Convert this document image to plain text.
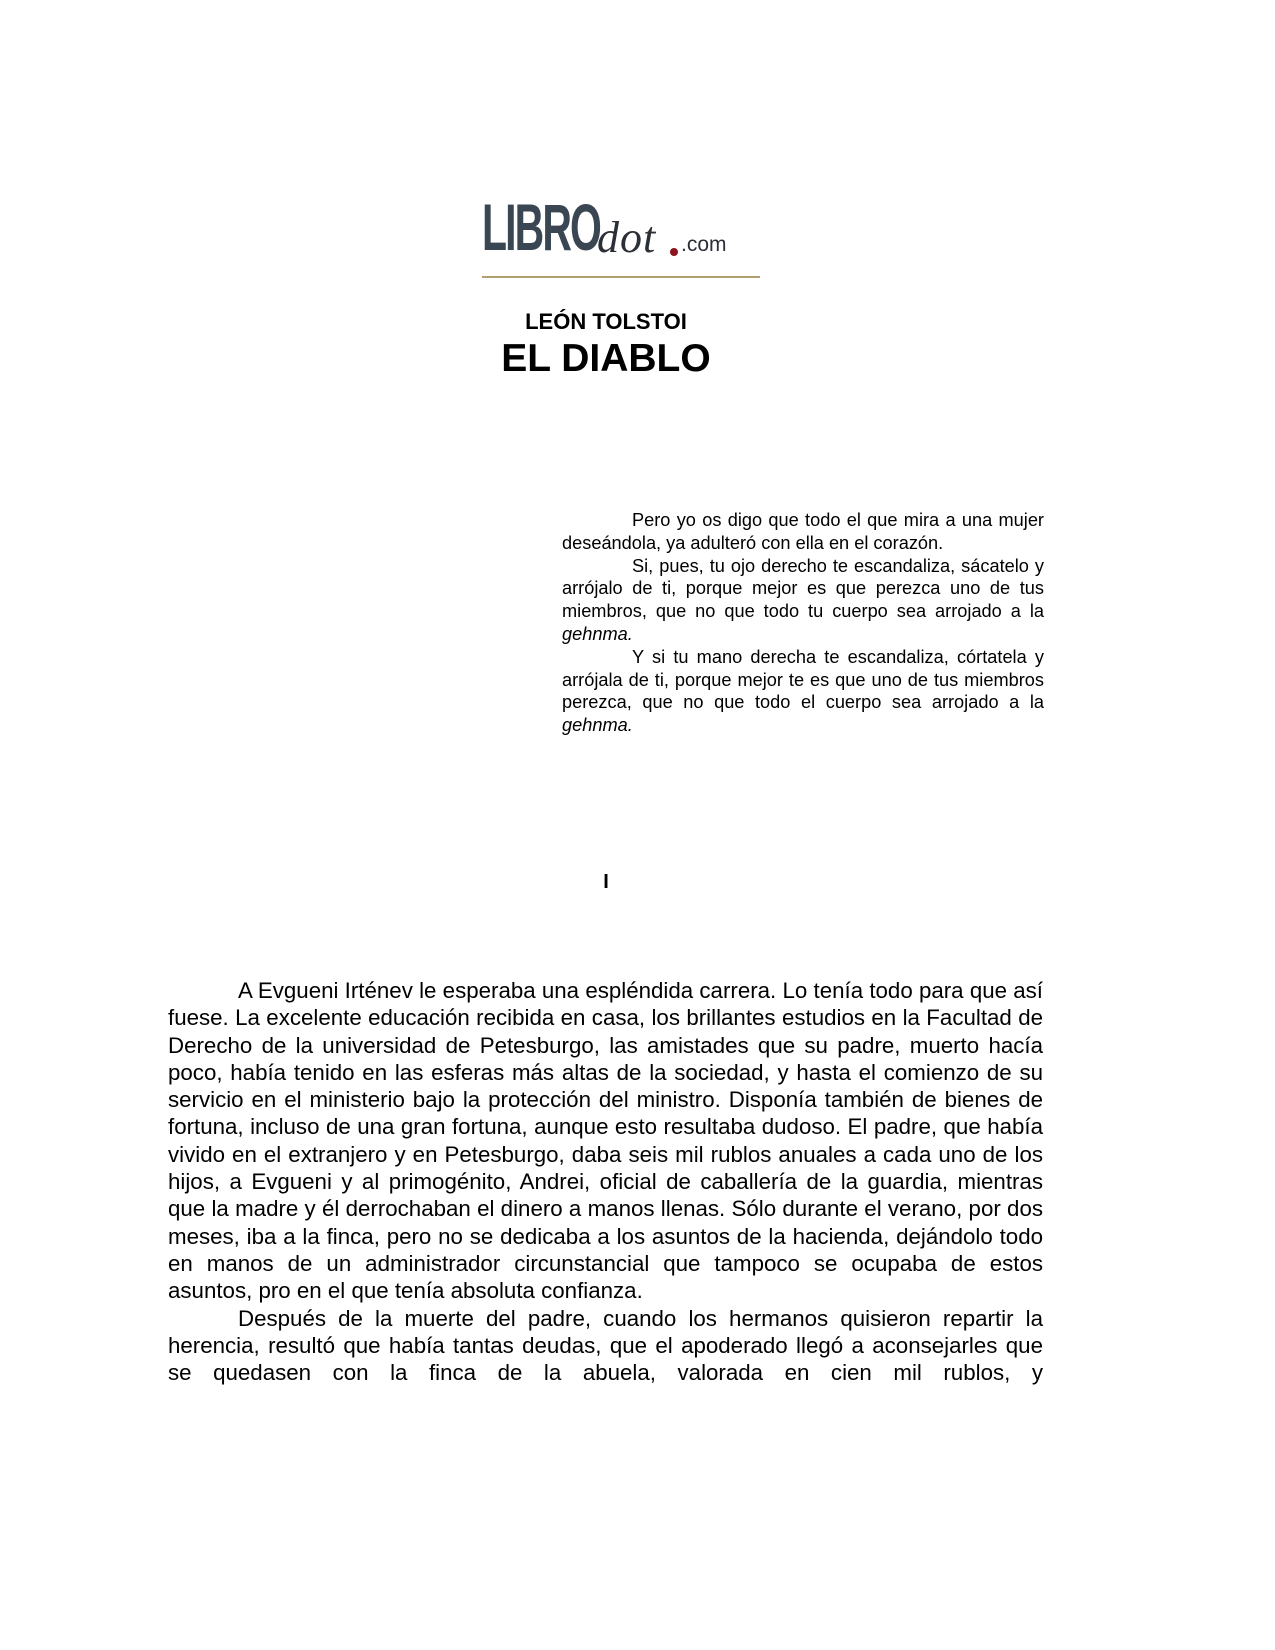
LIBRO
dot .com
LEÓN TOLSTOI
EL DIABLO

Pero yo os digo que todo el que mira a una mujer deseándola, ya adulteró con ella en el corazón.

Si, pues, tu ojo derecho te escandaliza, sácatelo y arrójalo de ti, porque mejor es que perezca uno de tus miembros, que no que todo tu cuerpo sea arrojado a la gehnma.

Y si tu mano derecha te escandaliza, córtatela y arrójala de ti, porque mejor te es que uno de tus miembros perezca, que no que todo el cuerpo sea arrojado a la gehnma.

I

A Evgueni Irténev le esperaba una espléndida carrera. Lo tenía todo para que así fuese. La excelente educación recibida en casa, los brillantes estudios en la Facultad de Derecho de la universidad de Petesburgo, las amistades que su padre, muerto hacía poco, había tenido en las esferas más altas de la sociedad, y hasta el comienzo de su servicio en el ministerio bajo la protección del ministro. Disponía también de bienes de fortuna, incluso de una gran fortuna, aunque esto resultaba dudoso. El padre, que había vivido en el extranjero y en Petesburgo, daba seis mil rublos anuales a cada uno de los hijos, a Evgueni y al primogénito, Andrei, oficial de caballería de la guardia, mientras que la madre y él derrochaban el dinero a manos llenas. Sólo durante el verano, por dos meses, iba a la finca, pero no se dedicaba a los asuntos de la hacienda, dejándolo todo en manos de un administrador circunstancial que tampoco se ocupaba de estos asuntos, pro en el que tenía absoluta confianza.

Después de la muerte del padre, cuando los hermanos quisieron repartir la herencia, resultó que había tantas deudas, que el apoderado llegó a aconsejarles que se quedasen con la finca de la abuela, valorada en cien mil rublos, y
